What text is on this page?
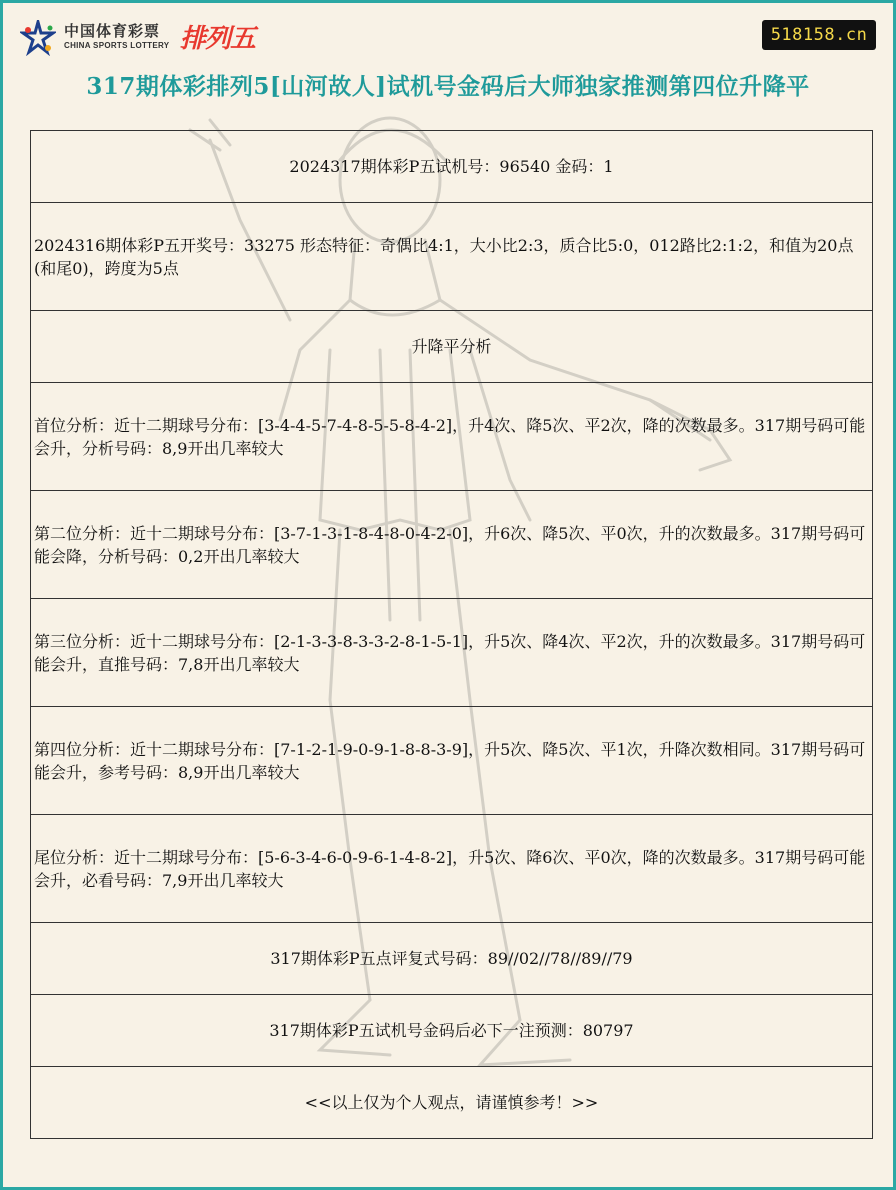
中国体育彩票
CHINA SPORTS LOTTERY 排列五	518158.cn
317期体彩排列5[山河故人]试机号金码后大师独家推测第四位升降平
2024317期体彩P五试机号：96540 金码：1
2024316期体彩P五开奖号：33275 形态特征：奇偶比4:1，大小比2:3，质合比5:0，012路比2:1:2，和值为20点(和尾0)，跨度为5点
升降平分析
首位分析：近十二期球号分布：[3-4-4-5-7-4-8-5-5-8-4-2]，升4次、降5次、平2次，降的次数最多。317期号码可能会升，分析号码：8,9开出几率较大
第二位分析：近十二期球号分布：[3-7-1-3-1-8-4-8-0-4-2-0]，升6次、降5次、平0次，升的次数最多。317期号码可能会降，分析号码：0,2开出几率较大
第三位分析：近十二期球号分布：[2-1-3-3-8-3-3-2-8-1-5-1]，升5次、降4次、平2次，升的次数最多。317期号码可能会升，直推号码：7,8开出几率较大
第四位分析：近十二期球号分布：[7-1-2-1-9-0-9-1-8-8-3-9]，升5次、降5次、平1次，升降次数相同。317期号码可能会升，参考号码：8,9开出几率较大
尾位分析：近十二期球号分布：[5-6-3-4-6-0-9-6-1-4-8-2]，升5次、降6次、平0次，降的次数最多。317期号码可能会升，必看号码：7,9开出几率较大
317期体彩P五点评复式号码：89//02//78//89//79
317期体彩P五试机号金码后必下一注预测：80797
<<以上仅为个人观点，请谨慎参考！>>
